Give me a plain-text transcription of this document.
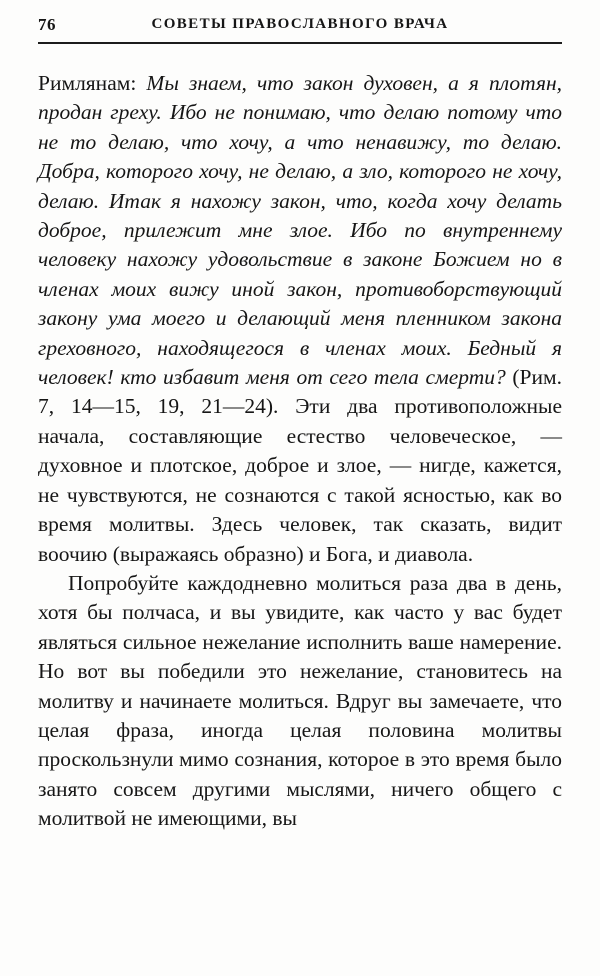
76	СОВЕТЫ ПРАВОСЛАВНОГО ВРАЧА

Римлянам: Мы знаем, что закон духовен, а я плотян, продан греху. Ибо не понимаю, что делаю потому что не то делаю, что хочу, а что ненавижу, то делаю. Добра, которого хочу, не делаю, а зло, которого не хочу, делаю. Итак я нахожу закон, что, когда хочу делать доброе, прилежит мне злое. Ибо по внутреннему человеку нахожу удовольствие в законе Божием но в членах моих вижу иной закон, противоборствующий закону ума моего и делающий меня пленником закона греховного, находящегося в членах моих. Бедный я человек! кто избавит меня от сего тела смерти? (Рим. 7, 14—15, 19, 21—24). Эти два противоположные начала, составляющие естество человеческое, — духовное и плотское, доброе и злое, — нигде, кажется, не чувствуются, не сознаются с такой ясностью, как во время молитвы. Здесь человек, так сказать, видит воочию (выражаясь образно) и Бога, и диавола.

Попробуйте каждодневно молиться раза два в день, хотя бы полчаса, и вы увидите, как часто у вас будет являться сильное нежелание исполнить ваше намерение. Но вот вы победили это нежелание, становитесь на молитву и начинаете молиться. Вдруг вы замечаете, что целая фраза, иногда целая половина молитвы проскользнули мимо сознания, которое в это время было занято совсем другими мыслями, ничего общего с молитвой не имеющими, вы
